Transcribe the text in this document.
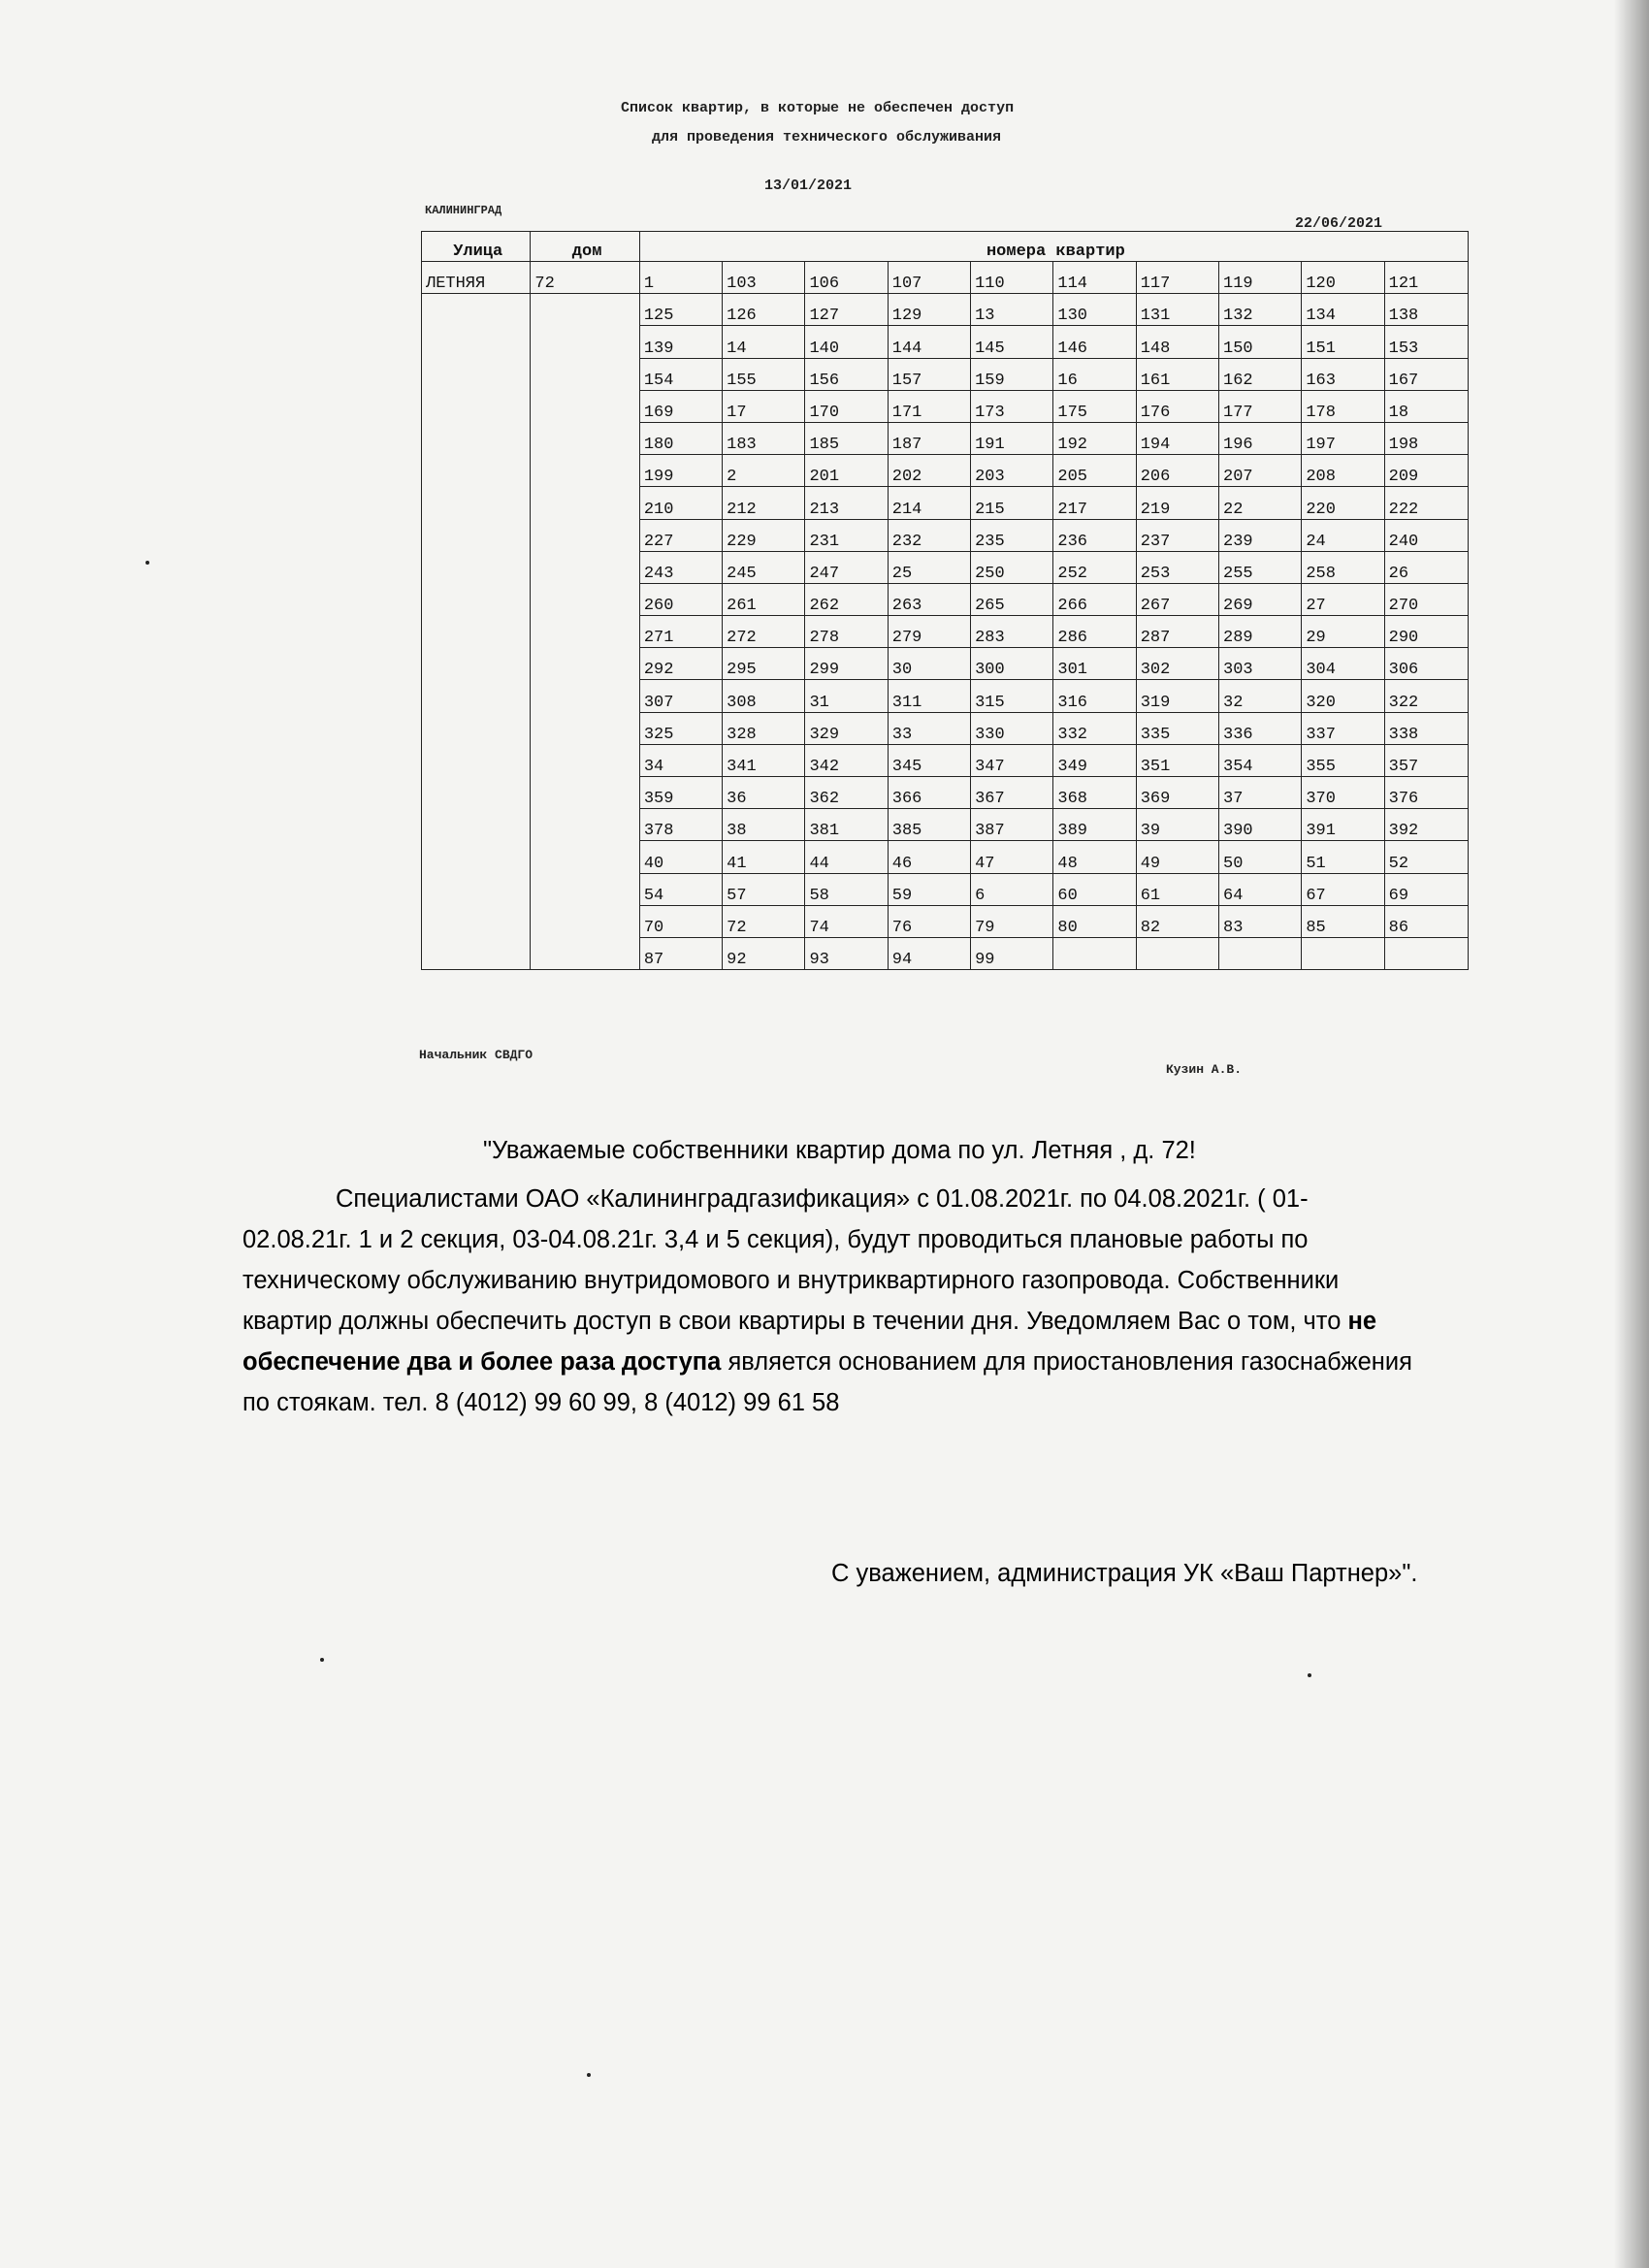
Список квартир, в которые не обеспечен доступ
для проведения технического обслуживания
13/01/2021
КАЛИНИНГРАД
22/06/2021
Улица	дом	номера квартир									
ЛЕТНЯЯ	72	1	103	106	107	110	114	117	119	120	121
		125	126	127	129	13	130	131	132	134	138
		139	14	140	144	145	146	148	150	151	153
		154	155	156	157	159	16	161	162	163	167
		169	17	170	171	173	175	176	177	178	18
		180	183	185	187	191	192	194	196	197	198
		199	2	201	202	203	205	206	207	208	209
		210	212	213	214	215	217	219	22	220	222
		227	229	231	232	235	236	237	239	24	240
		243	245	247	25	250	252	253	255	258	26
		260	261	262	263	265	266	267	269	27	270
		271	272	278	279	283	286	287	289	29	290
		292	295	299	30	300	301	302	303	304	306
		307	308	31	311	315	316	319	32	320	322
		325	328	329	33	330	332	335	336	337	338
		34	341	342	345	347	349	351	354	355	357
		359	36	362	366	367	368	369	37	370	376
		378	38	381	385	387	389	39	390	391	392
		40	41	44	46	47	48	49	50	51	52
		54	57	58	59	6	60	61	64	67	69
		70	72	74	76	79	80	82	83	85	86
		87	92	93	94	99					
Начальник СВДГО
Кузин А.В.
"Уважаемые собственники квартир дома по ул. Летняя , д. 72!
Специалистами ОАО «Калининградгазификация» с 01.08.2021г. по 04.08.2021г. ( 01-
02.08.21г. 1 и 2 секция, 03-04.08.21г. 3,4 и 5 секция), будут проводиться плановые работы по
техническому обслуживанию внутридомового и внутриквартирного газопровода. Собственники
квартир должны обеспечить доступ в свои квартиры в течении дня. Уведомляем Вас о том, что не
обеспечение два и более раза доступа является основанием для приостановления газоснабжения
по стоякам. тел. 8 (4012) 99 60 99, 8 (4012) 99 61 58
С уважением, администрация УК «Ваш Партнер»".
